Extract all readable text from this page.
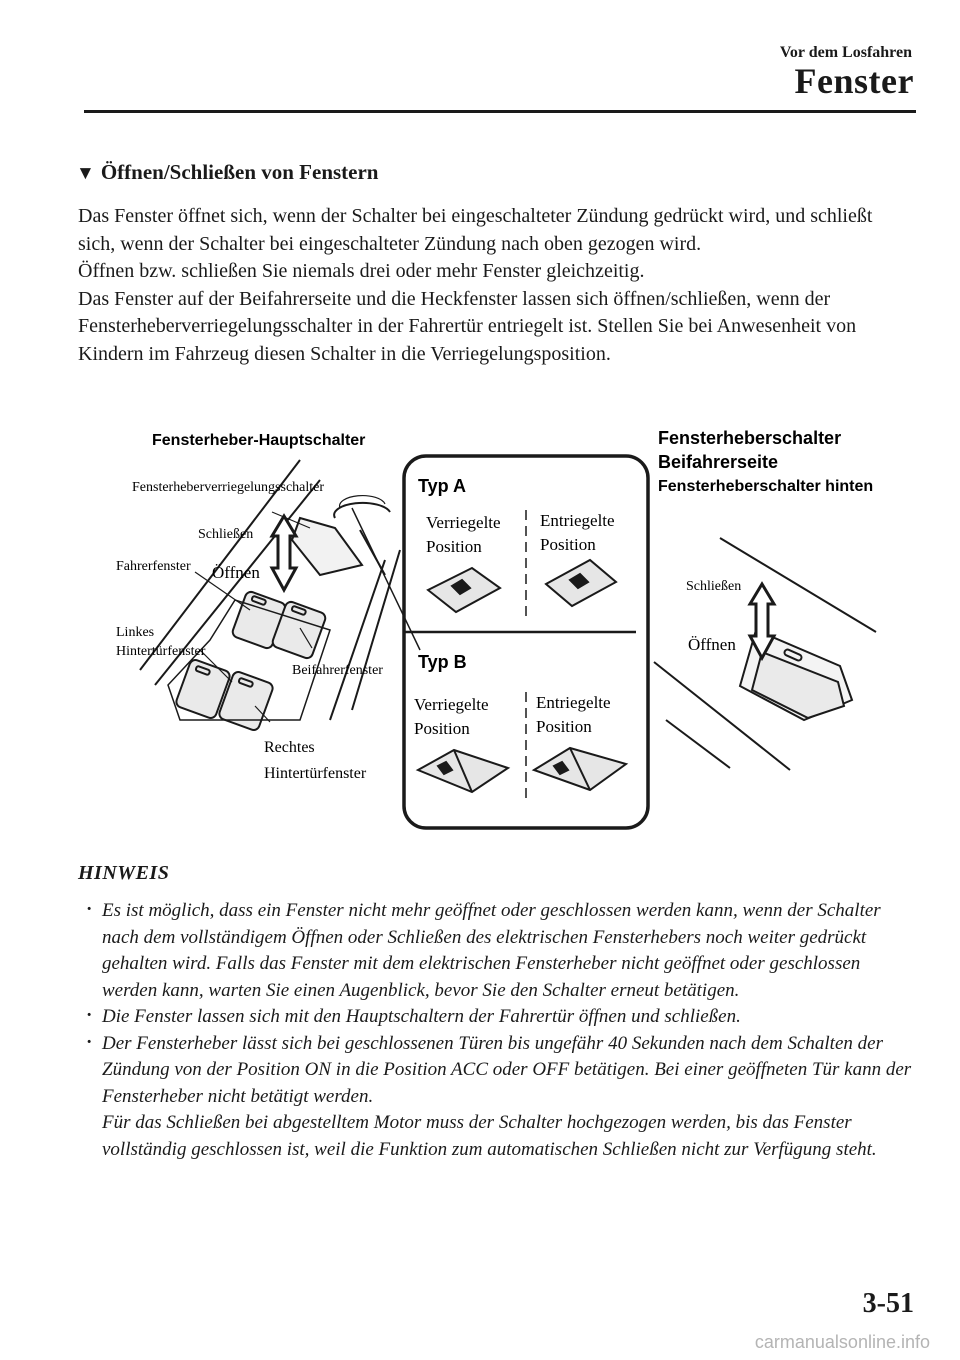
Vor dem Losfahren
Fenster
▼ Öffnen/Schließen von Fenstern

Das Fenster öffnet sich, wenn der Schalter bei eingeschalteter Zündung gedrückt wird, und schließt sich, wenn der Schalter bei eingeschalteter Zündung nach oben gezogen wird.

Öffnen bzw. schließen Sie niemals drei oder mehr Fenster gleichzeitig.

Das Fenster auf der Beifahrerseite und die Heckfenster lassen sich öffnen/schließen, wenn der Fensterheberverriegelungsschalter in der Fahrertür entriegelt ist. Stellen Sie bei Anwesenheit von Kindern im Fahrzeug diesen Schalter in die Verriegelungsposition.

Fensterheber-Hauptschalter
Fensterheberverriegelungsschalter
Schließen
Öffnen
Fahrerfenster
Linkes
Hintertürfenster
Beifahrerfenster
Rechtes
Hintertürfenster
Typ A
Verriegelte
Position
Entriegelte
Position
Typ B
Verriegelte
Position
Entriegelte
Position
Fensterheberschalter
Beifahrerseite
Fensterheberschalter hinten
Schließen
Öffnen
HINWEIS
· Es ist möglich, dass ein Fenster nicht mehr geöffnet oder geschlossen werden kann, wenn der Schalter nach dem vollständigem Öffnen oder Schließen des elektrischen Fensterhebers noch weiter gedrückt gehalten wird. Falls das Fenster mit dem elektrischen Fensterheber nicht geöffnet oder geschlossen werden kann, warten Sie einen Augenblick, bevor Sie den Schalter erneut betätigen.
· Die Fenster lassen sich mit den Hauptschaltern der Fahrertür öffnen und schließen.
· Der Fensterheber lässt sich bei geschlossenen Türen bis ungefähr 40 Sekunden nach dem Schalten der Zündung von der Position ON in die Position ACC oder OFF betätigen. Bei einer geöffneten Tür kann der Fensterheber nicht betätigt werden.
Für das Schließen bei abgestelltem Motor muss der Schalter hochgezogen werden, bis das Fenster vollständig geschlossen ist, weil die Funktion zum automatischen Schließen nicht zur Verfügung steht.
3-51
carmanualsonline.info
